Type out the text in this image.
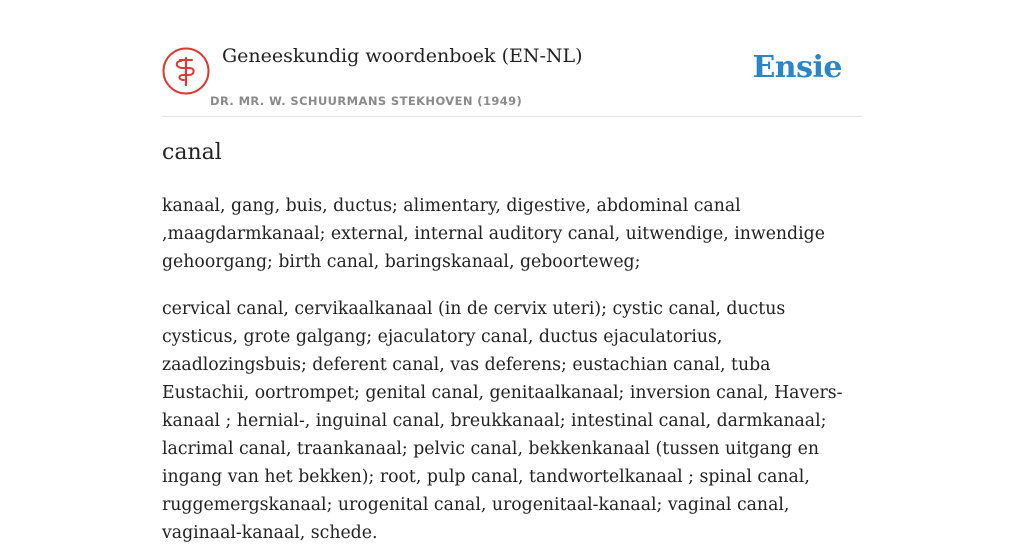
Geneeskundig woordenboek (EN-NL)
DR. MR. W. SCHUURMANS STEKHOVEN (1949)
Ensie
canal

kanaal, gang, buis, ductus; alimentary, digestive, abdominal canal ,maagdarmkanaal; external, internal auditory canal, uitwendige, inwendige gehoorgang; birth canal, baringskanaal, geboorteweg;

cervical canal, cervikaalkanaal (in de cervix uteri); cystic canal, ductus cysticus, grote galgang; ejaculatory canal, ductus ejaculatorius, zaadlozingsbuis; deferent canal, vas deferens; eustachian canal, tuba Eustachii, oortrompet; genital canal, genitaalkanaal; inversion canal, Havers-kanaal ; hernial-, inguinal canal, breukkanaal; intestinal canal, darmkanaal; lacrimal canal, traankanaal; pelvic canal, bekkenkanaal (tussen uitgang en ingang van het bekken); root, pulp canal, tandwortelkanaal ; spinal canal, ruggemergskanaal; urogenital canal, urogenitaal-kanaal; vaginal canal, vaginaal-kanaal, schede.
